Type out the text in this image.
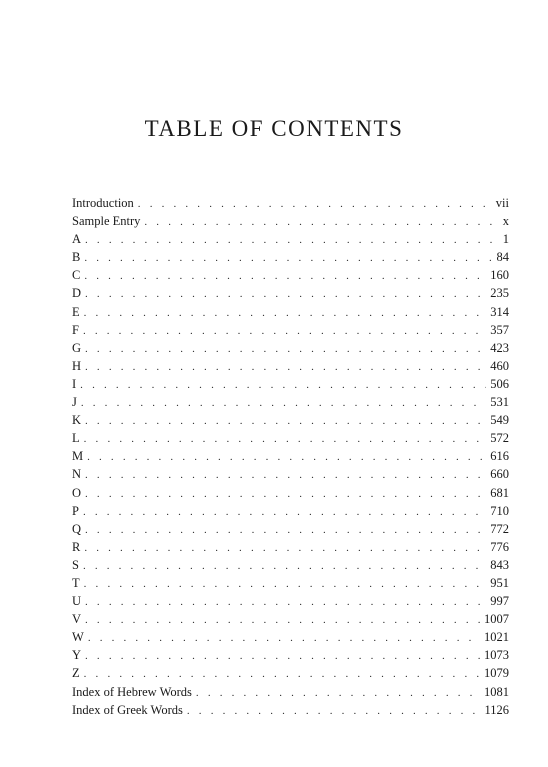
TABLE OF CONTENTS
Introduction . . .	vii
Sample Entry . . .	x
A . . .	1
B . . .	84
C . . .	160
D . . .	235
E . . .	314
F . . .	357
G . . .	423
H . . .	460
I . . .	506
J . . .	531
K . . .	549
L . . .	572
M . . .	616
N . . .	660
O . . .	681
P . . .	710
Q . . .	772
R . . .	776
S . . .	843
T . . .	951
U . . .	997
V . . .	1007
W . . .	1021
Y . . .	1073
Z . . .	1079
Index of Hebrew Words . . .	1081
Index of Greek Words . . .	1126
